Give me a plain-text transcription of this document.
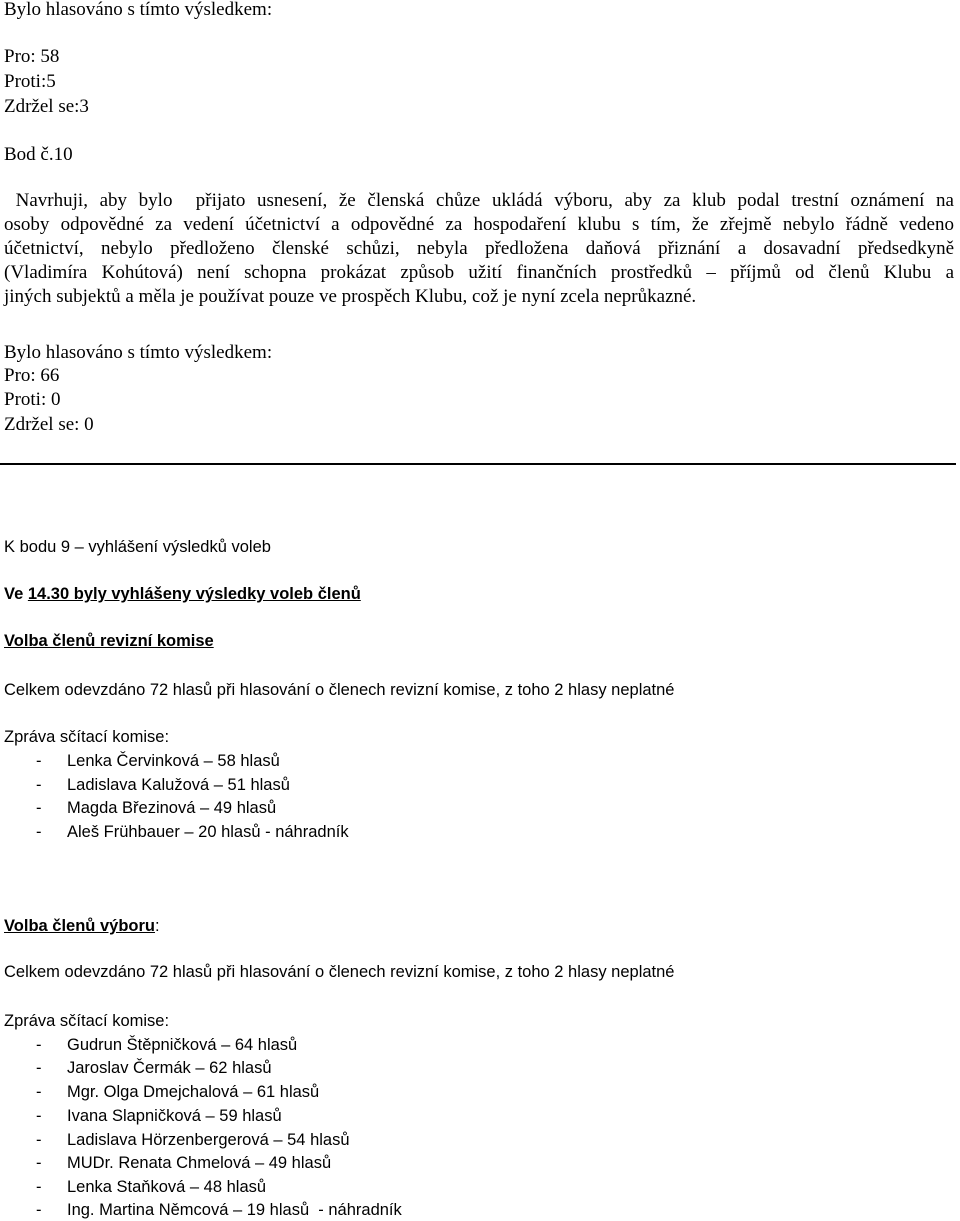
Bylo hlasováno s tímto výsledkem:
Pro: 58
Proti:5
Zdržel se:3
Bod č.10
Navrhuji, aby bylo  přijato usnesení, že členská chůze ukládá výboru, aby za klub podal trestní oznámení na
osoby odpovědné za vedení účetnictví a odpovědné za hospodaření klubu s tím, že zřejmě nebylo řádně vedeno
účetnictví, nebylo předloženo členské schůzi, nebyla předložena daňová přiznání a dosavadní předsedkyně
(Vladimíra Kohútová) není schopna prokázat způsob užití finančních prostředků – příjmů od členů Klubu a
jiných subjektů a měla je používat pouze ve prospěch Klubu, což je nyní zcela neprůkazné.
Bylo hlasováno s tímto výsledkem:
Pro: 66
Proti: 0
Zdržel se: 0
K bodu 9 – vyhlášení výsledků voleb
Ve 14.30 byly vyhlášeny výsledky voleb členů
Volba členů revizní komise
Celkem odevzdáno 72 hlasů při hlasování o členech revizní komise, z toho 2 hlasy neplatné
Zpráva sčítací komise:
- Lenka Červinková – 58 hlasů
- Ladislava Kalužová – 51 hlasů
- Magda Březinová – 49 hlasů
- Aleš Frühbauer – 20 hlasů - náhradník
Volba členů výboru:
Celkem odevzdáno 72 hlasů při hlasování o členech revizní komise, z toho 2 hlasy neplatné
Zpráva sčítací komise:
- Gudrun Štěpničková – 64 hlasů
- Jaroslav Čermák – 62 hlasů
- Mgr. Olga Dmejchalová – 61 hlasů
- Ivana Slapničková – 59 hlasů
- Ladislava Hörzenbergerová – 54 hlasů
- MUDr. Renata Chmelová – 49 hlasů
- Lenka Staňková – 48 hlasů
- Ing. Martina Němcová – 19 hlasů  - náhradník
